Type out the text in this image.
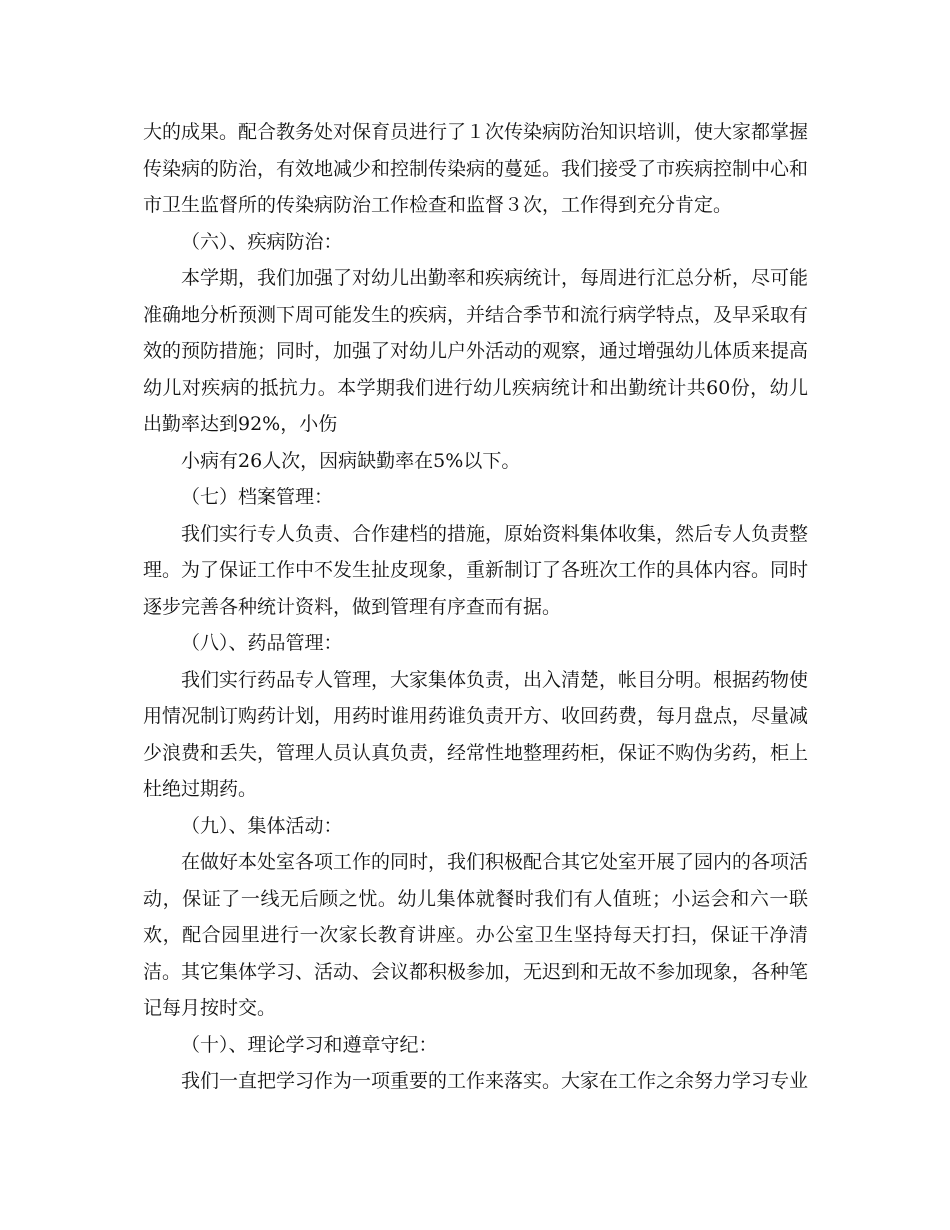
大的成果。配合教务处对保育员进行了１次传染病防治知识培训，使大家都掌握传染病的防治，有效地减少和控制传染病的蔓延。我们接受了市疾病控制中心和市卫生监督所的传染病防治工作检查和监督３次，工作得到充分肯定。

（六）、疾病防治：

本学期，我们加强了对幼儿出勤率和疾病统计，每周进行汇总分析，尽可能准确地分析预测下周可能发生的疾病，并结合季节和流行病学特点，及早采取有效的预防措施；同时，加强了对幼儿户外活动的观察，通过增强幼儿体质来提高幼儿对疾病的抵抗力。本学期我们进行幼儿疾病统计和出勤统计共60份，幼儿出勤率达到92%，小伤

小病有26人次，因病缺勤率在5%以下。

（七）档案管理：

我们实行专人负责、合作建档的措施，原始资料集体收集，然后专人负责整理。为了保证工作中不发生扯皮现象，重新制订了各班次工作的具体内容。同时逐步完善各种统计资料，做到管理有序查而有据。

（八）、药品管理：

我们实行药品专人管理，大家集体负责，出入清楚，帐目分明。根据药物使用情况制订购药计划，用药时谁用药谁负责开方、收回药费，每月盘点，尽量减少浪费和丢失，管理人员认真负责，经常性地整理药柜，保证不购伪劣药，柜上杜绝过期药。

（九）、集体活动：

在做好本处室各项工作的同时，我们积极配合其它处室开展了园内的各项活动，保证了一线无后顾之忧。幼儿集体就餐时我们有人值班；小运会和六一联欢，配合园里进行一次家长教育讲座。办公室卫生坚持每天打扫，保证干净清洁。其它集体学习、活动、会议都积极参加，无迟到和无故不参加现象，各种笔记每月按时交。

（十）、理论学习和遵章守纪：

我们一直把学习作为一项重要的工作来落实。大家在工作之余努力学习专业
